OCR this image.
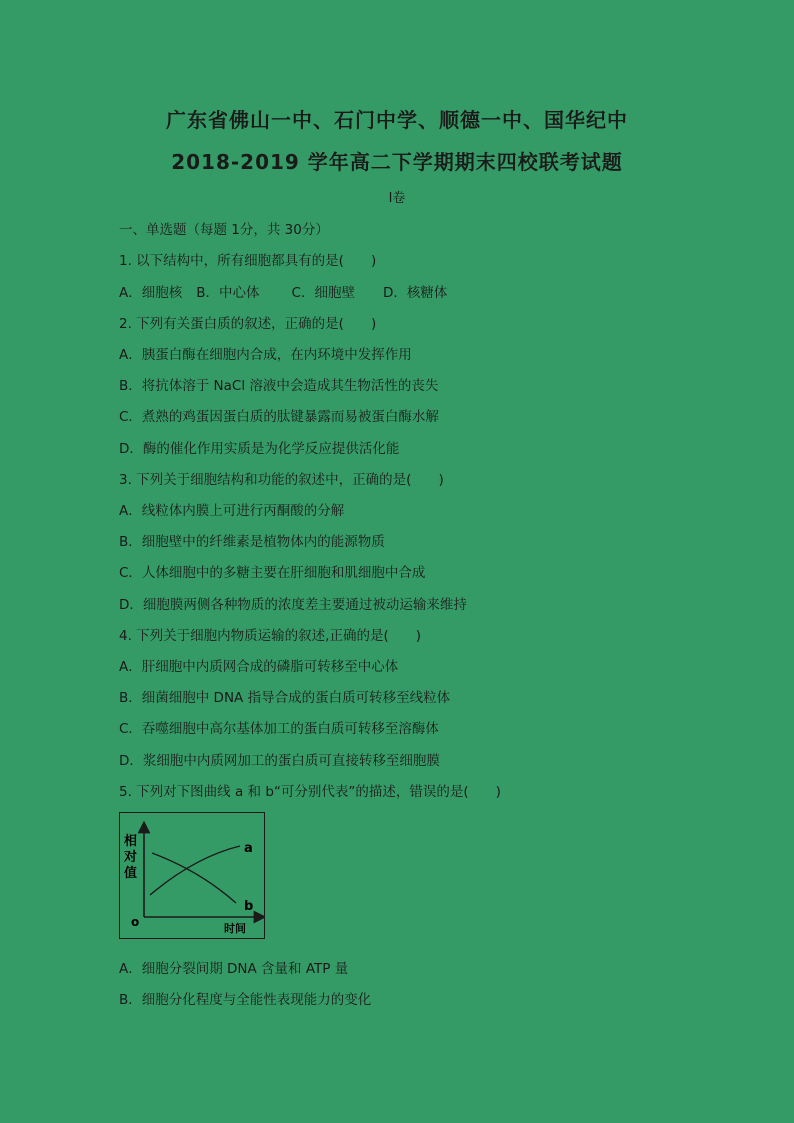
广东省佛山一中、石门中学、顺德一中、国华纪中
2018-2019 学年高二下学期期末四校联考试题
I卷
一、单选题（每题 1分，共 30分）
1. 以下结构中，所有细胞都具有的是(　　)
A．细胞核 B．中心体 C．细胞壁 D．核糖体
2. 下列有关蛋白质的叙述，正确的是(　　)
A．胰蛋白酶在细胞内合成，在内环境中发挥作用
B．将抗体溶于 NaCl 溶液中会造成其生物活性的丧失
C．煮熟的鸡蛋因蛋白质的肽键暴露而易被蛋白酶水解
D．酶的催化作用实质是为化学反应提供活化能
3. 下列关于细胞结构和功能的叙述中，正确的是(　　)
A．线粒体内膜上可进行丙酮酸的分解
B．细胞壁中的纤维素是植物体内的能源物质
C．人体细胞中的多糖主要在肝细胞和肌细胞中合成
D．细胞膜两侧各种物质的浓度差主要通过被动运输来维持
4. 下列关于细胞内物质运输的叙述,正确的是(　　)
A．肝细胞中内质网合成的磷脂可转移至中心体
B．细菌细胞中 DNA 指导合成的蛋白质可转移至线粒体
C．吞噬细胞中高尔基体加工的蛋白质可转移至溶酶体
D．浆细胞中内质网加工的蛋白质可直接转移至细胞膜
5. 下列对下图曲线 a 和 b“可分别代表”的描述，错误的是(　　)
相
对
值
o	时间
a
b
A．细胞分裂间期 DNA 含量和 ATP 量
B．细胞分化程度与全能性表现能力的变化
